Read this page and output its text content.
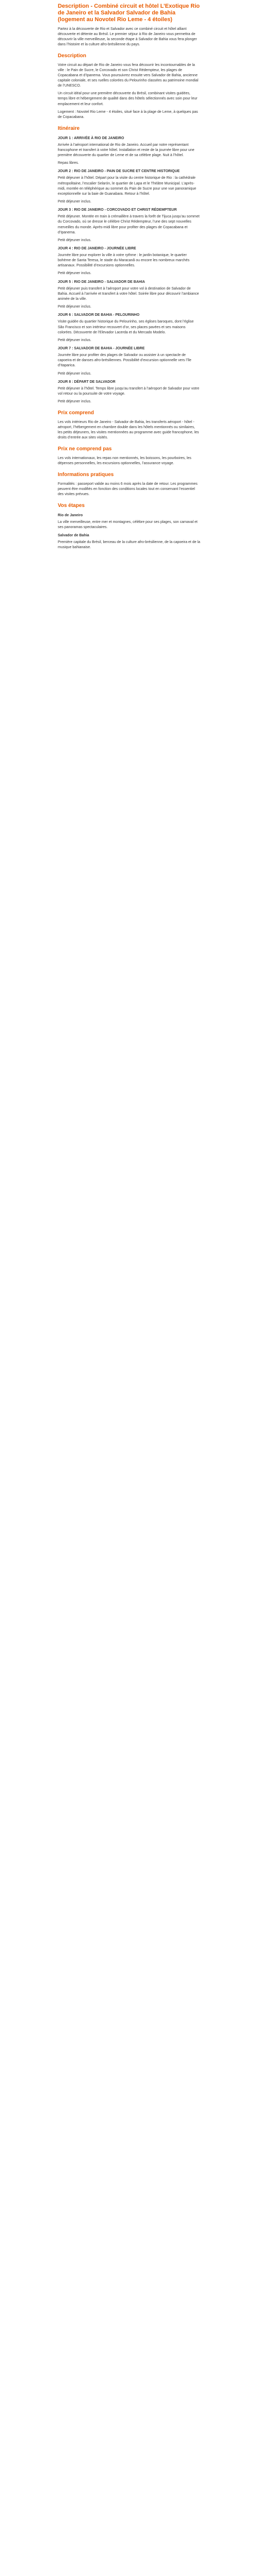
Description - Combiné circuit et hôtel L’Exotique Rio de Janeiro et la Salvador Salvador de Bahia (logement au Novotel Rio Leme - 4 étoiles)

Partez à la découverte de Rio et Salvador avec ce combiné circuit et hôtel alliant découverte et détente au Brésil. Le premier séjour à Rio de Janeiro vous permettra de découvrir la ville merveilleuse, la seconde étape à Salvador de Bahia vous fera plonger dans l’histoire et la culture afro-brésilienne du pays.

Description

Votre circuit au départ de Rio de Janeiro vous fera découvrir les incontournables de la ville : le Pain de Sucre, le Corcovado et son Christ Rédempteur, les plages de Copacabana et d’Ipanema. Vous poursuivrez ensuite vers Salvador de Bahia, ancienne capitale coloniale, et ses ruelles colorées du Pelourinho classées au patrimoine mondial de l’UNESCO.

Un circuit idéal pour une première découverte du Brésil, combinant visites guidées, temps libre et hébergement de qualité dans des hôtels sélectionnés avec soin pour leur emplacement et leur confort.

Logement : Novotel Rio Leme - 4 étoiles, situé face à la plage de Leme, à quelques pas de Copacabana.

Itinéraire

JOUR 1 : ARRIVÉE À RIO DE JANEIRO

Arrivée à l’aéroport international de Rio de Janeiro. Accueil par notre représentant francophone et transfert à votre hôtel. Installation et reste de la journée libre pour une première découverte du quartier de Leme et de sa célèbre plage. Nuit à l’hôtel.

Repas libres.

JOUR 2 : RIO DE JANEIRO - PAIN DE SUCRE ET CENTRE HISTORIQUE

Petit déjeuner à l’hôtel. Départ pour la visite du centre historique de Rio : la cathédrale métropolitaine, l’escalier Selarón, le quartier de Lapa et le Théâtre Municipal. L’après-midi, montée en téléphérique au sommet du Pain de Sucre pour une vue panoramique exceptionnelle sur la baie de Guanabara. Retour à l’hôtel.

Petit déjeuner inclus.

JOUR 3 : RIO DE JANEIRO - CORCOVADO ET CHRIST RÉDEMPTEUR

Petit déjeuner. Montée en train à crémaillère à travers la forêt de Tijuca jusqu’au sommet du Corcovado, où se dresse le célèbre Christ Rédempteur, l’une des sept nouvelles merveilles du monde. Après-midi libre pour profiter des plages de Copacabana et d’Ipanema.

Petit déjeuner inclus.

JOUR 4 : RIO DE JANEIRO - JOURNÉE LIBRE

Journée libre pour explorer la ville à votre rythme : le jardin botanique, le quartier bohème de Santa Teresa, le stade du Maracanã ou encore les nombreux marchés artisanaux. Possibilité d’excursions optionnelles.

Petit déjeuner inclus.

JOUR 5 : RIO DE JANEIRO - SALVADOR DE BAHIA

Petit déjeuner puis transfert à l’aéroport pour votre vol à destination de Salvador de Bahia. Accueil à l’arrivée et transfert à votre hôtel. Soirée libre pour découvrir l’ambiance animée de la ville.

Petit déjeuner inclus.

JOUR 6 : SALVADOR DE BAHIA - PELOURINHO

Visite guidée du quartier historique du Pelourinho, ses églises baroques, dont l’église São Francisco et son intérieur recouvert d’or, ses places pavées et ses maisons colorées. Découverte de l’Elevador Lacerda et du Mercado Modelo.

Petit déjeuner inclus.

JOUR 7 : SALVADOR DE BAHIA - JOURNÉE LIBRE

Journée libre pour profiter des plages de Salvador ou assister à un spectacle de capoeira et de danses afro-brésiliennes. Possibilité d’excursion optionnelle vers l’île d’Itaparica.

Petit déjeuner inclus.

JOUR 8 : DÉPART DE SALVADOR

Petit déjeuner à l’hôtel. Temps libre jusqu’au transfert à l’aéroport de Salvador pour votre vol retour ou la poursuite de votre voyage.

Petit déjeuner inclus.

Prix comprend

Les vols intérieurs Rio de Janeiro - Salvador de Bahia, les transferts aéroport - hôtel - aéroport, l’hébergement en chambre double dans les hôtels mentionnés ou similaires, les petits déjeuners, les visites mentionnées au programme avec guide francophone, les droits d’entrée aux sites visités.

Prix ne comprend pas

Les vols internationaux, les repas non mentionnés, les boissons, les pourboires, les dépenses personnelles, les excursions optionnelles, l’assurance voyage.

Informations pratiques

Formalités : passeport valide au moins 6 mois après la date de retour. Les programmes peuvent être modifiés en fonction des conditions locales tout en conservant l’essentiel des visites prévues.

Vos étapes

Rio de Janeiro

La ville merveilleuse, entre mer et montagnes, célèbre pour ses plages, son carnaval et ses panoramas spectaculaires.

Salvador de Bahia

Première capitale du Brésil, berceau de la culture afro-brésilienne, de la capoeira et de la musique bahianaise.
